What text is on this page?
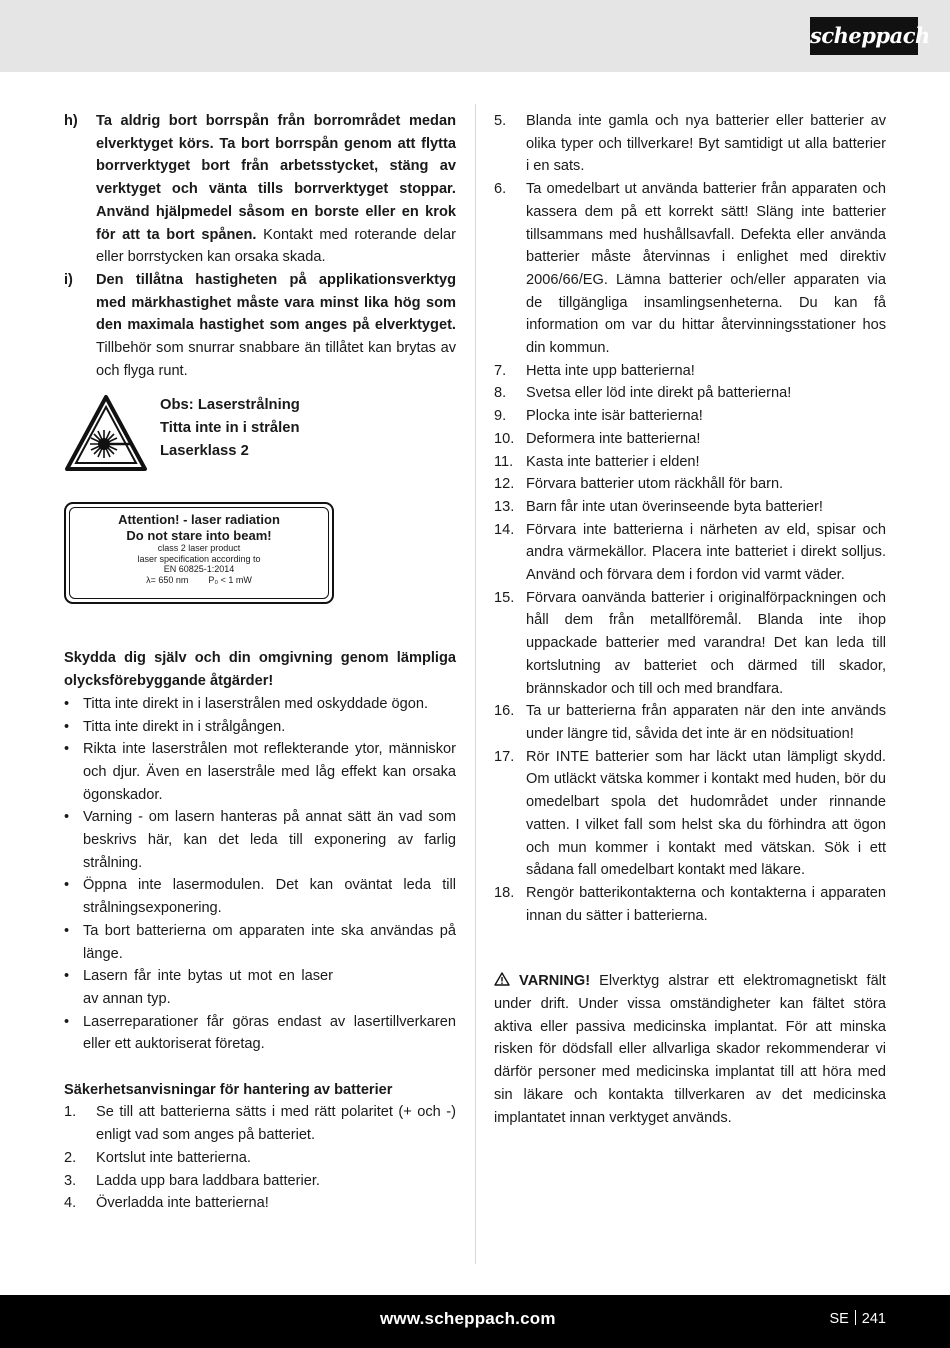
scheppach
h)	Ta aldrig bort borrspån från borrområdet medan elverktyget körs. Ta bort borrspån genom att flytta borrverktyget bort från arbetsstycket, stäng av verktyget och vänta tills borrverktyget stoppar. Använd hjälpmedel såsom en borste eller en krok för att ta bort spånen. Kontakt med roterande delar eller borrstycken kan orsaka skada.
i)	Den tillåtna hastigheten på applikationsverktyg med märkhastighet måste vara minst lika hög som den maximala hastighet som anges på elverktyget. Tillbehör som snurrar snabbare än tillåtet kan brytas av och flyga runt.
Obs: Laserstrålning
Titta inte in i strålen
Laserklass 2
Attention! - laser radiation
Do not stare into beam!
class 2 laser product
laser specification according to
EN 60825-1:2014
λ= 650 nm P₀ < 1 mW
Skydda dig själv och din omgivning genom lämpliga olycksförebyggande åtgärder!
• Titta inte direkt in i laserstrålen med oskyddade ögon.
• Titta inte direkt in i strålgången.
• Rikta inte laserstrålen mot reflekterande ytor, människor och djur. Även en laserstråle med låg effekt kan orsaka ögonskador.
• Varning - om lasern hanteras på annat sätt än vad som beskrivs här, kan det leda till exponering av farlig strålning.
• Öppna inte lasermodulen. Det kan oväntat leda till strålningsexponering.
• Ta bort batterierna om apparaten inte ska användas på länge.
• Lasern får inte bytas ut mot en laser av annan typ.
• Laserreparationer får göras endast av lasertillverkaren eller ett auktoriserat företag.
Säkerhetsanvisningar för hantering av batterier
1.	Se till att batterierna sätts i med rätt polaritet (+ och -) enligt vad som anges på batteriet.
2.	Kortslut inte batterierna.
3.	Ladda upp bara laddbara batterier.
4.	Överladda inte batterierna!
5.	Blanda inte gamla och nya batterier eller batterier av olika typer och tillverkare! Byt samtidigt ut alla batterier i en sats.
6.	Ta omedelbart ut använda batterier från apparaten och kassera dem på ett korrekt sätt! Släng inte batterier tillsammans med hushållsavfall. Defekta eller använda batterier måste återvinnas i enlighet med direktiv 2006/66/EG. Lämna batterier och/eller apparaten via de tillgängliga insamlingsenheterna. Du kan få information om var du hittar återvinningsstationer hos din kommun.
7.	Hetta inte upp batterierna!
8.	Svetsa eller löd inte direkt på batterierna!
9.	Plocka inte isär batterierna!
10. Deformera inte batterierna!
11. Kasta inte batterier i elden!
12. Förvara batterier utom räckhåll för barn.
13. Barn får inte utan överinseende byta batterier!
14. Förvara inte batterierna i närheten av eld, spisar och andra värmekällor. Placera inte batteriet i direkt solljus. Använd och förvara dem i fordon vid varmt väder.
15. Förvara oanvända batterier i originalförpackningen och håll dem från metallföremål. Blanda inte ihop uppackade batterier med varandra! Det kan leda till kortslutning av batteriet och därmed till skador, brännskador och till och med brandfara.
16. Ta ur batterierna från apparaten när den inte används under längre tid, såvida det inte är en nödsituation!
17. Rör INTE batterier som har läckt utan lämpligt skydd. Om utläckt vätska kommer i kontakt med huden, bör du omedelbart spola det hudområdet under rinnande vatten. I vilket fall som helst ska du förhindra att ögon och mun kommer i kontakt med vätskan. Sök i ett sådana fall omedelbart kontakt med läkare.
18. Rengör batterikontakterna och kontakterna i apparaten innan du sätter i batterierna.
VARNING! Elverktyg alstrar ett elektromagnetiskt fält under drift. Under vissa omständigheter kan fältet störa aktiva eller passiva medicinska implantat. För att minska risken för dödsfall eller allvarliga skador rekommenderar vi därför personer med medicinska implantat till att höra med sin läkare och kontakta tillverkaren av det medicinska implantatet innan verktyget används.
www.scheppach.com	SE 241
